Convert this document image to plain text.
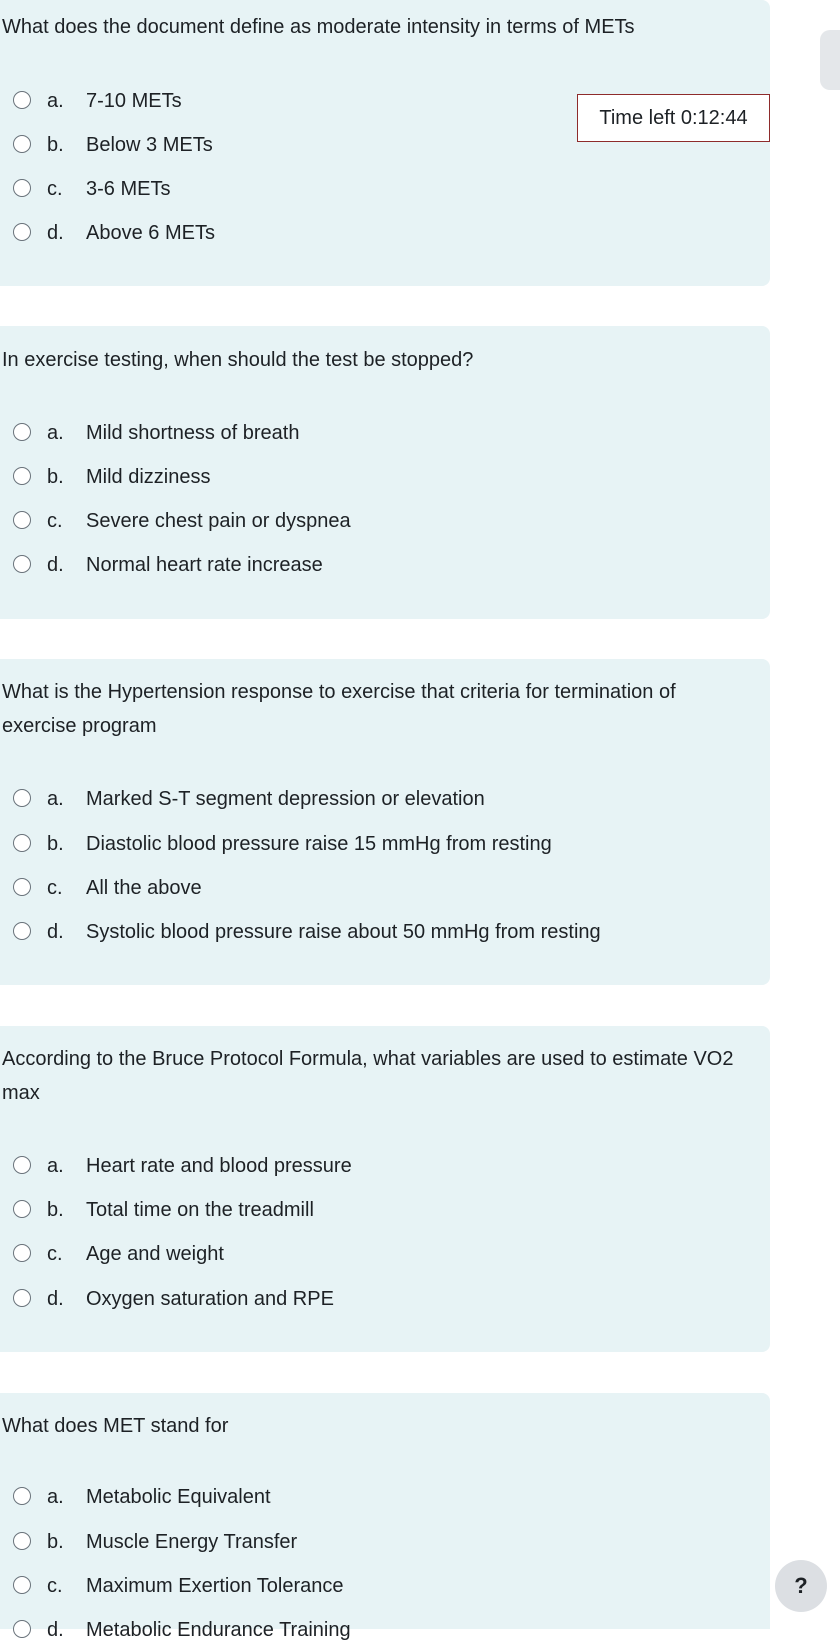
What does the document define as moderate intensity in terms of METs

a. 7-10 METs
b. Below 3 METs
c. 3-6 METs
d. Above 6 METs
Time left 0:12:44

In exercise testing, when should the test be stopped?

a. Mild shortness of breath
b. Mild dizziness
c. Severe chest pain or dyspnea
d. Normal heart rate increase

What is the Hypertension response to exercise that criteria for termination of exercise program

a. Marked S-T segment depression or elevation
b. Diastolic blood pressure raise 15 mmHg from resting
c. All the above
d. Systolic blood pressure raise about 50 mmHg from resting

According to the Bruce Protocol Formula, what variables are used to estimate VO2 max

a. Heart rate and blood pressure
b. Total time on the treadmill
c. Age and weight
d. Oxygen saturation and RPE

What does MET stand for

a. Metabolic Equivalent
b. Muscle Energy Transfer
c. Maximum Exertion Tolerance
d. Metabolic Endurance Training
?
